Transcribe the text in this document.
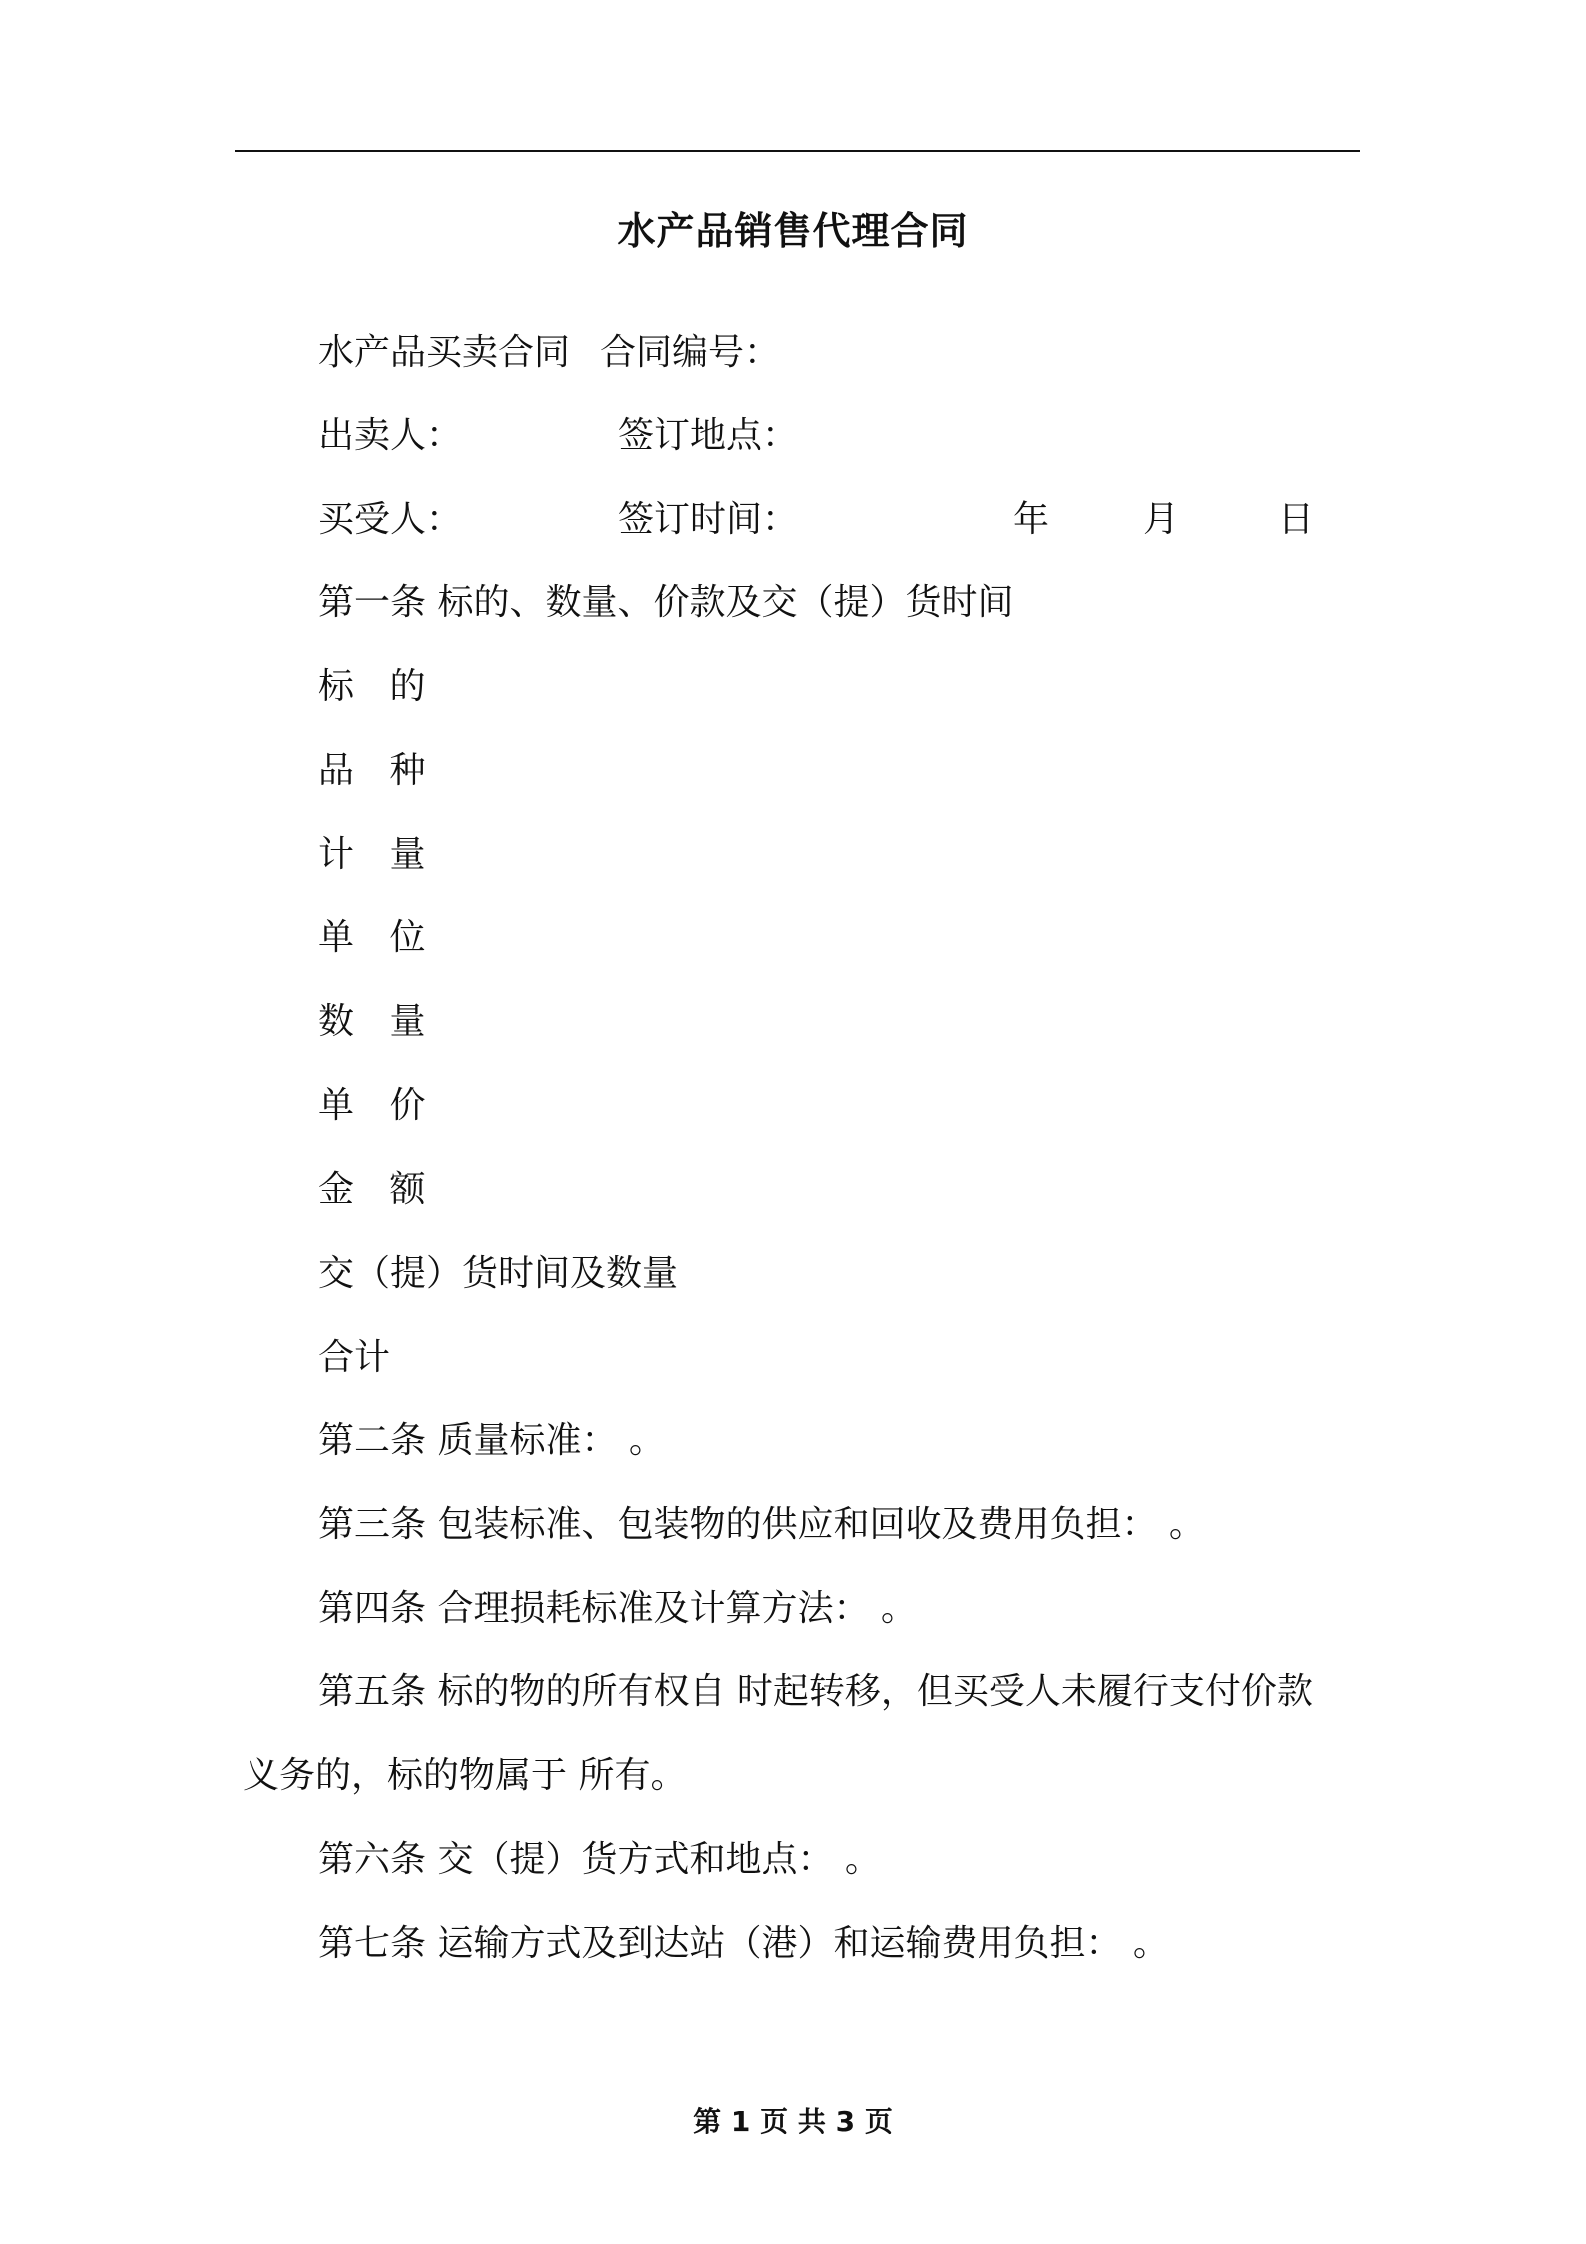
水产品销售代理合同
水产品买卖合同 合同编号：
出卖人：	签订地点：
买受人：	签订时间：	年	月	日
第一条 标的、数量、价款及交（提）货时间
标 的
品 种
计 量
单 位
数 量
单 价
金 额
交（提）货时间及数量
合计
第二条 质量标准： 。
第三条 包装标准、包装物的供应和回收及费用负担： 。
第四条 合理损耗标准及计算方法： 。
第五条 标的物的所有权自 时起转移，但买受人未履行支付价款
义务的，标的物属于 所有。
第六条 交（提）货方式和地点： 。
第七条 运输方式及到达站（港）和运输费用负担： 。
第 1 页 共 3 页
